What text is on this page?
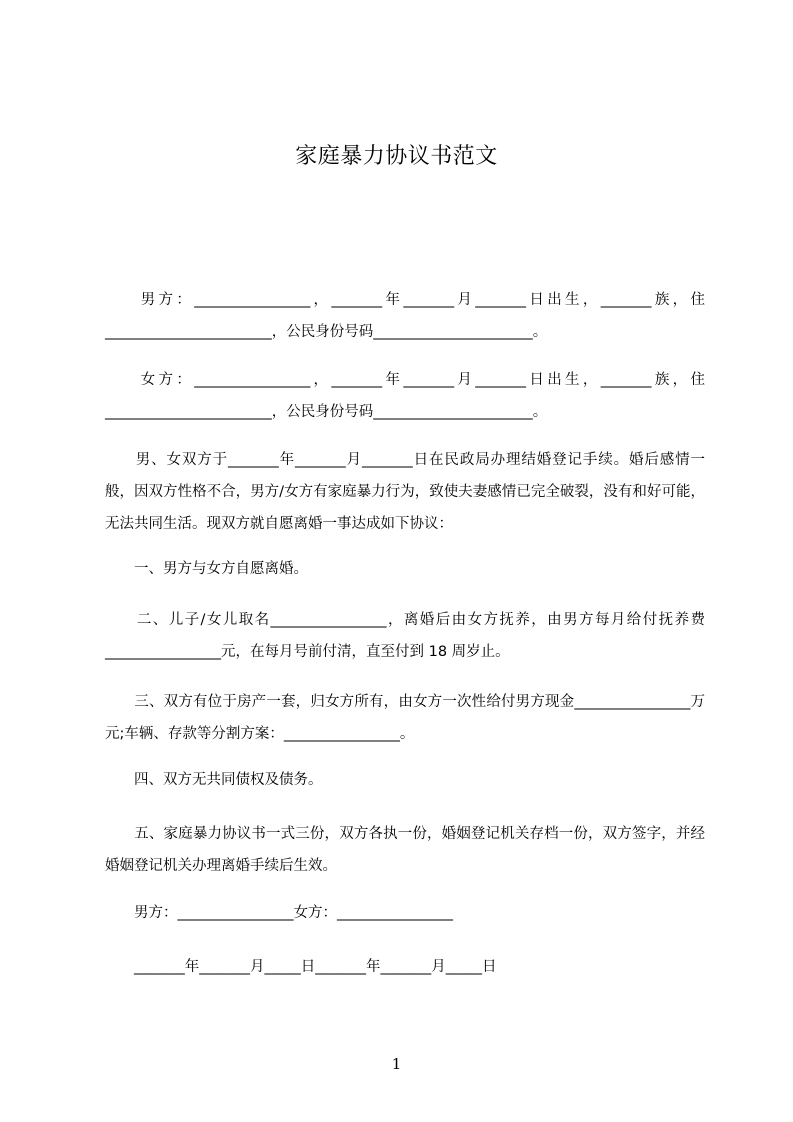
家庭暴力协议书范文
　　男方：________________，_______年_______月_______日出生，_______族，住_______________________，公民身份号码______________________。
　　女方：________________，_______年_______月_______日出生，_______族，住_______________________，公民身份号码______________________。
　　男、女双方于_______年_______月_______日在民政局办理结婚登记手续。婚后感情一般，因双方性格不合，男方/女方有家庭暴力行为，致使夫妻感情已完全破裂，没有和好可能，无法共同生活。现双方就自愿离婚一事达成如下协议：
　　一、男方与女方自愿离婚。
　　二、儿子/女儿取名________________，离婚后由女方抚养，由男方每月给付抚养费________________元，在每月号前付清，直至付到 18 周岁止。
　　三、双方有位于房产一套，归女方所有，由女方一次性给付男方现金________________万元;车辆、存款等分割方案：________________。
　　四、双方无共同债权及债务。
　　五、家庭暴力协议书一式三份，双方各执一份，婚姻登记机关存档一份，双方签字，并经婚姻登记机关办理离婚手续后生效。
　　男方：________________女方：________________
　　_______年_______月_____日_______年_______月_____日
1
